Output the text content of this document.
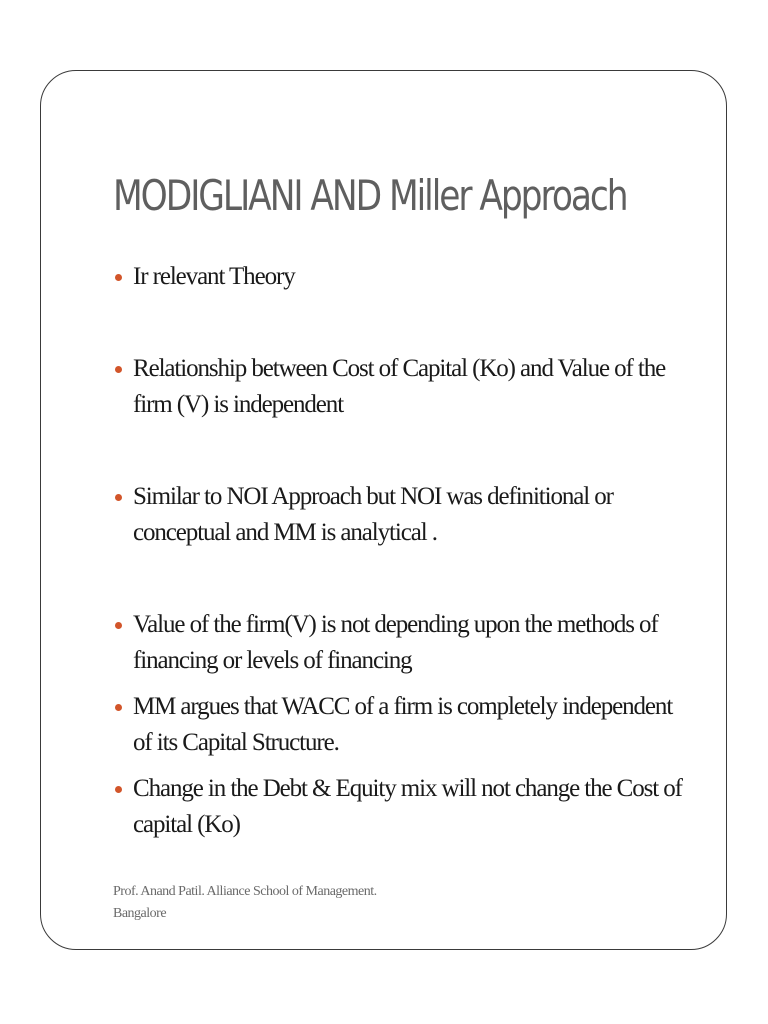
MODIGLIANI AND Miller Approach
Ir relevant Theory
Relationship between Cost of Capital (Ko) and Value of the firm (V) is independent
Similar to NOI Approach but NOI was definitional or conceptual and MM is analytical .
Value of the firm(V) is not depending upon the methods of financing or levels of financing
MM argues that WACC of a firm is completely independent of its Capital Structure.
Change in the Debt & Equity mix will not change the Cost of capital (Ko)
Prof. Anand Patil. Alliance School of Management.
Bangalore
